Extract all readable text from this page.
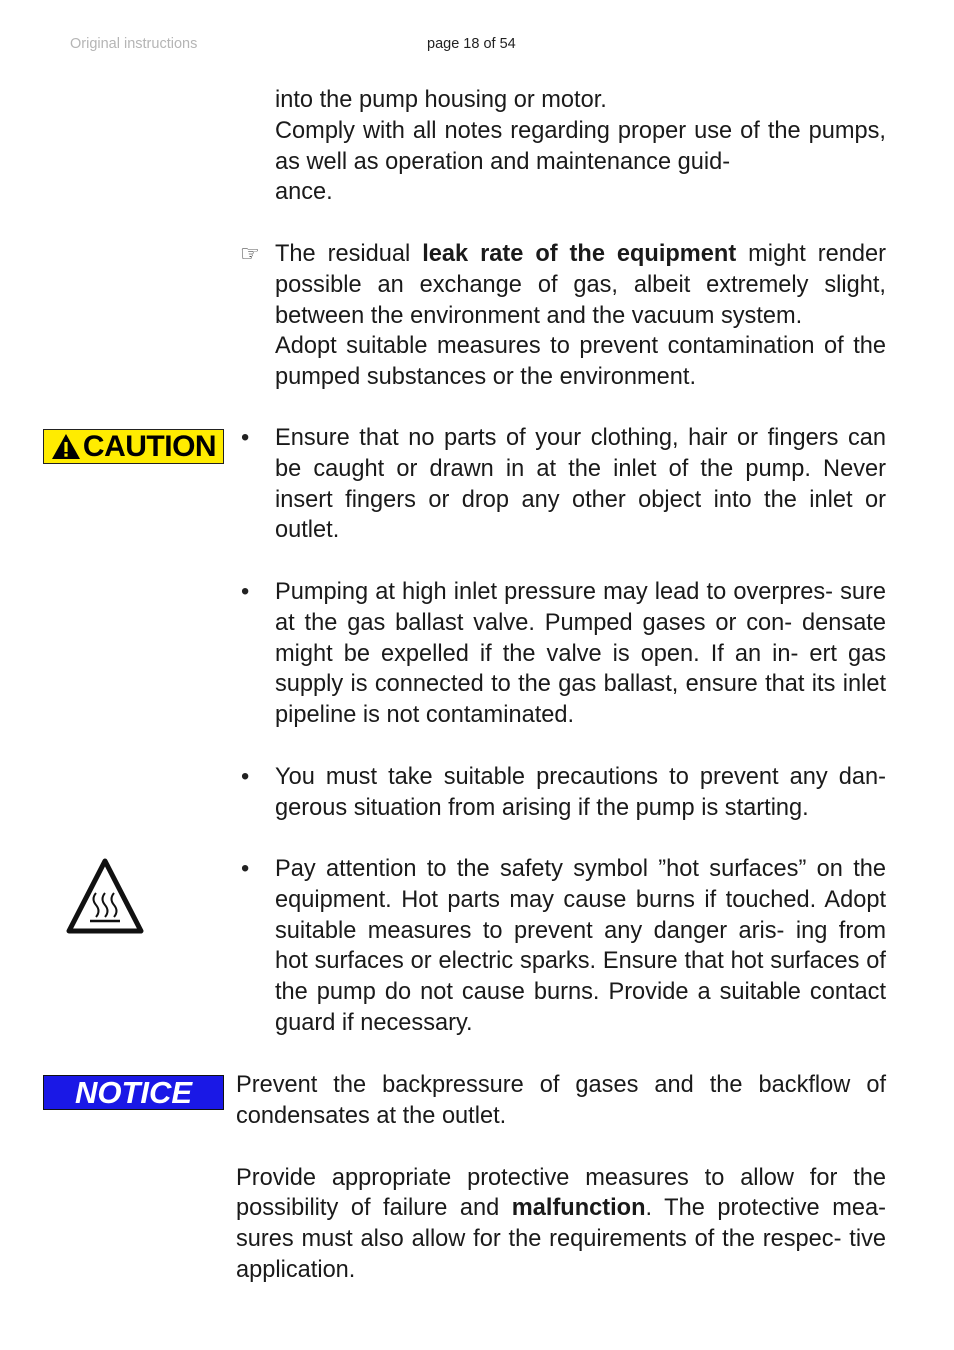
Original instructions	page 18 of 54

into the pump housing or motor.

Comply with all notes regarding proper use of the pumps, as well as operation and maintenance guid-
ance.

☞ The residual leak rate of the equipment might render possible an exchange of gas, albeit extremely slight, between the environment and the vacuum system.

Adopt suitable measures to prevent contamination of the pumped substances or the environment.

CAUTION • Ensure that no parts of your clothing, hair or fingers can be caught or drawn in at the inlet of the pump. Never insert fingers or drop any other object into the inlet or outlet.

• Pumping at high inlet pressure may lead to overpres- sure at the gas ballast valve. Pumped gases or con- densate might be expelled if the valve is open. If an in- ert gas supply is connected to the gas ballast, ensure that its inlet pipeline is not contaminated.

• You must take suitable precautions to prevent any dan- gerous situation from arising if the pump is starting.

• Pay attention to the safety symbol ”hot surfaces” on the equipment. Hot parts may cause burns if touched. Adopt suitable measures to prevent any danger aris- ing from hot surfaces or electric sparks. Ensure that hot surfaces of the pump do not cause burns. Provide a suitable contact guard if necessary.

NOTICE	Prevent the backpressure of gases and the backflow of condensates at the outlet.

Provide appropriate protective measures to allow for the possibility of failure and malfunction. The protective mea- sures must also allow for the requirements of the respec- tive application.
